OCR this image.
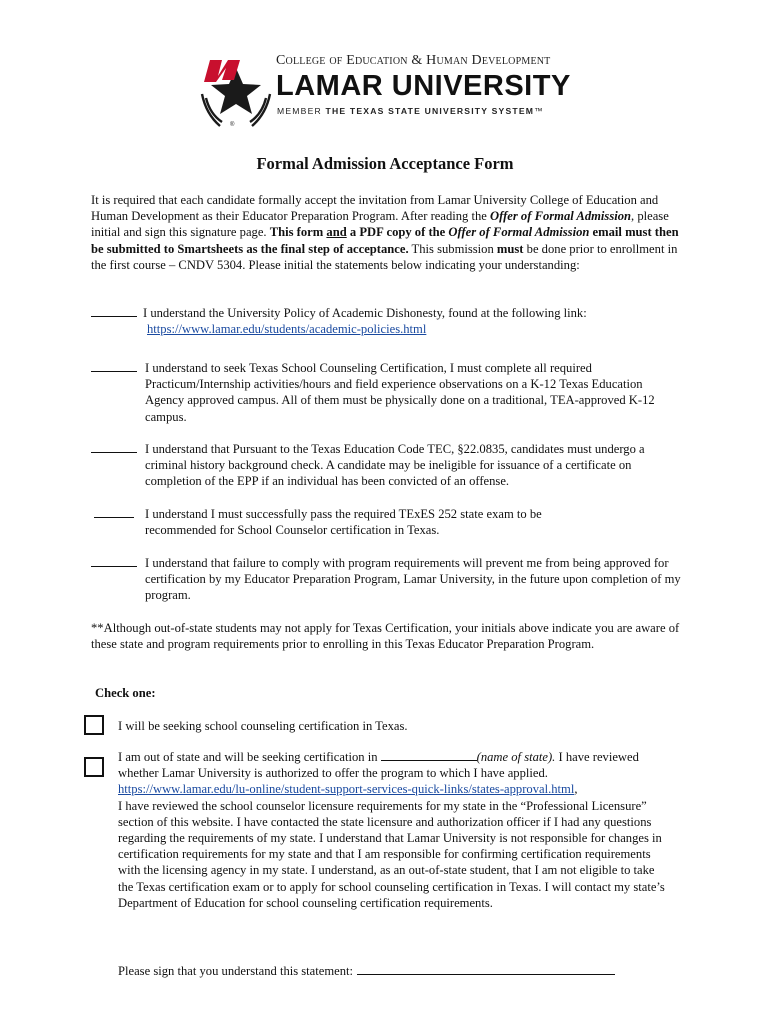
®
College of Education & Human Development
LAMAR UNIVERSITY
MEMBER THE TEXAS STATE UNIVERSITY SYSTEM™
Formal Admission Acceptance Form
It is required that each candidate formally accept the invitation from Lamar University College of Education and Human Development as their Educator Preparation Program. After reading the Offer of Formal Admission, please initial and sign this signature page. This form and a PDF copy of the Offer of Formal Admission email must then be submitted to Smartsheets as the final step of acceptance. This submission must be done prior to enrollment in the first course – CNDV 5304. Please initial the statements below indicating your understanding:
I understand the University Policy of Academic Dishonesty, found at the following link:
https://www.lamar.edu/students/academic-policies.html
I understand to seek Texas School Counseling Certification, I must complete all required Practicum/Internship activities/hours and field experience observations on a K-12 Texas Education Agency approved campus. All of them must be physically done on a traditional, TEA-approved K-12 campus.
I understand that Pursuant to the Texas Education Code TEC, §22.0835, candidates must undergo a criminal history background check. A candidate may be ineligible for issuance of a certificate on completion of the EPP if an individual has been convicted of an offense.
I understand I must successfully pass the required TExES 252 state exam to be recommended for School Counselor certification in Texas.
I understand that failure to comply with program requirements will prevent me from being approved for certification by my Educator Preparation Program, Lamar University, in the future upon completion of my program.
**Although out-of-state students may not apply for Texas Certification, your initials above indicate you are aware of these state and program requirements prior to enrolling in this Texas Educator Preparation Program.
Check one:
I will be seeking school counseling certification in Texas.
I am out of state and will be seeking certification in	(name of state). I have reviewed whether Lamar University is authorized to offer the program to which I have applied.
https://www.lamar.edu/lu-online/student-support-services-quick-links/states-approval.html,
I have reviewed the school counselor licensure requirements for my state in the “Professional Licensure” section of this website. I have contacted the state licensure and authorization officer if I had any questions regarding the requirements of my state. I understand that Lamar University is not responsible for changes in certification requirements for my state and that I am responsible for confirming certification requirements with the licensing agency in my state. I understand, as an out-of-state student, that I am not eligible to take the Texas certification exam or to apply for school counseling certification in Texas. I will contact my state’s Department of Education for school counseling certification requirements.
Please sign that you understand this statement:
